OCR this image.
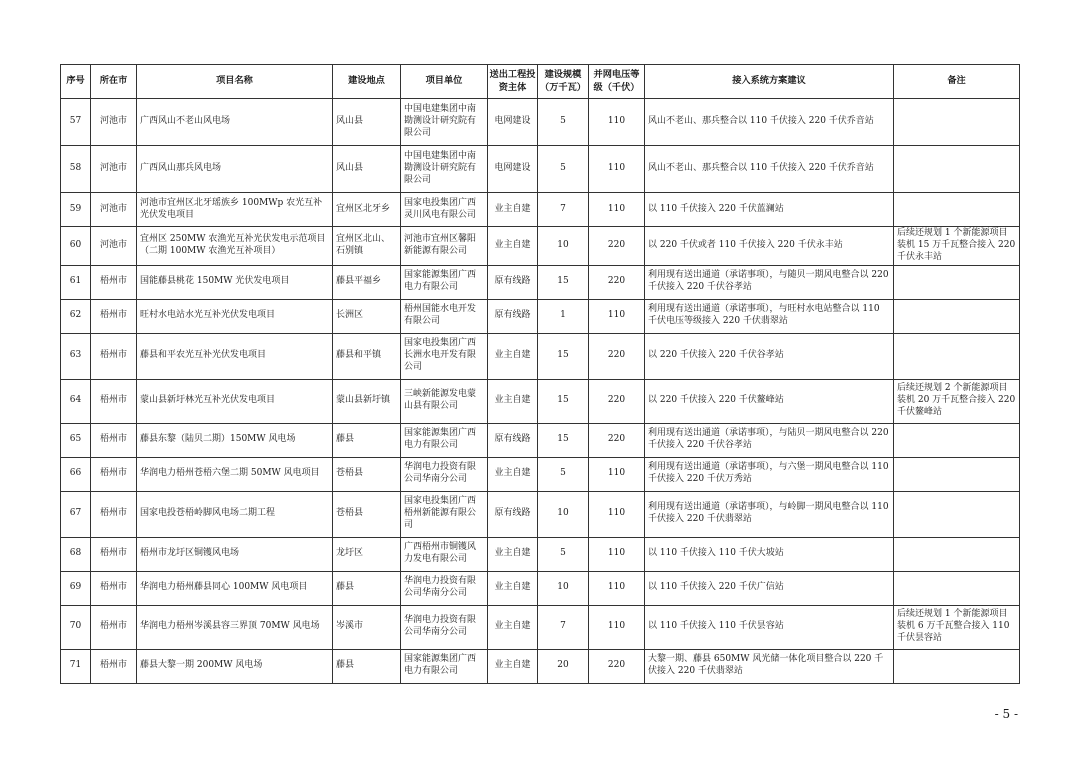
序号	所在市	项目名称	建设地点	项目单位	送出工程投资主体	建设规模（万千瓦）	并网电压等级（千伏）	接入系统方案建议	备注
57	河池市	广西风山不老山风电场	风山县	中国电建集团中南勘测设计研究院有限公司	电网建设	5	110	风山不老山、那兵整合以 110 千伏接入 220 千伏乔音站	
58	河池市	广西风山那兵风电场	风山县	中国电建集团中南勘测设计研究院有限公司	电网建设	5	110	风山不老山、那兵整合以 110 千伏接入 220 千伏乔音站	
59	河池市	河池市宜州区北牙瑶族乡 100MWp 农光互补光伏发电项目	宜州区北牙乡	国家电投集团广西灵川风电有限公司	业主自建	7	110	以 110 千伏接入 220 千伏蓝澜站	
60	河池市	宜州区 250MW 农渔光互补光伏发电示范项目（二期 100MW 农渔光互补项目）	宜州区北山、石别镇	河池市宜州区馨阳新能源有限公司	业主自建	10	220	以 220 千伏或者 110 千伏接入 220 千伏永丰站	后续还规划 1 个新能源项目装机 15 万千瓦整合接入 220 千伏永丰站
61	梧州市	国能藤县桃花 150MW 光伏发电项目	藤县平福乡	国家能源集团广西电力有限公司	原有线路	15	220	利用现有送出通道（承诺事项），与随贝一期风电整合以 220 千伏接入 220 千伏谷孝站	
62	梧州市	旺村水电站水光互补光伏发电项目	长洲区	梧州国能水电开发有限公司	原有线路	1	110	利用现有送出通道（承诺事项），与旺村水电站整合以 110 千伏电压等级接入 220 千伏翡翠站	
63	梧州市	藤县和平农光互补光伏发电项目	藤县和平镇	国家电投集团广西长洲水电开发有限公司	业主自建	15	220	以 220 千伏接入 220 千伏谷孝站	
64	梧州市	蒙山县新圩林光互补光伏发电项目	蒙山县新圩镇	三峡新能源发电蒙山县有限公司	业主自建	15	220	以 220 千伏接入 220 千伏鳌峰站	后续还规划 2 个新能源项目装机 20 万千瓦整合接入 220 千伏鳌峰站
65	梧州市	藤县东黎（陆贝二期）150MW 风电场	藤县	国家能源集团广西电力有限公司	原有线路	15	220	利用现有送出通道（承诺事项），与陆贝一期风电整合以 220 千伏接入 220 千伏谷孝站	
66	梧州市	华润电力梧州苍梧六堡二期 50MW 风电项目	苍梧县	华润电力投资有限公司华南分公司	业主自建	5	110	利用现有送出通道（承诺事项），与六堡一期风电整合以 110 千伏接入 220 千伏万秀站	
67	梧州市	国家电投苍梧岭脚风电场二期工程	苍梧县	国家电投集团广西梧州新能源有限公司	原有线路	10	110	利用现有送出通道（承诺事项），与岭脚一期风电整合以 110 千伏接入 220 千伏翡翠站	
68	梧州市	梧州市龙圩区铜镬风电场	龙圩区	广西梧州市铜镬风力发电有限公司	业主自建	5	110	以 110 千伏接入 110 千伏大坡站	
69	梧州市	华润电力梧州藤县同心 100MW 风电项目	藤县	华润电力投资有限公司华南分公司	业主自建	10	110	以 110 千伏接入 220 千伏广信站	
70	梧州市	华润电力梧州岑溪县容三界顶 70MW 风电场	岑溪市	华润电力投资有限公司华南分公司	业主自建	7	110	以 110 千伏接入 110 千伏昙容站	后续还规划 1 个新能源项目装机 6 万千瓦整合接入 110 千伏昙容站
71	梧州市	藤县大黎一期 200MW 风电场	藤县	国家能源集团广西电力有限公司	业主自建	20	220	大黎一期、藤县 650MW 风光储一体化项目整合以 220 千伏接入 220 千伏翡翠站	
- 5 -
